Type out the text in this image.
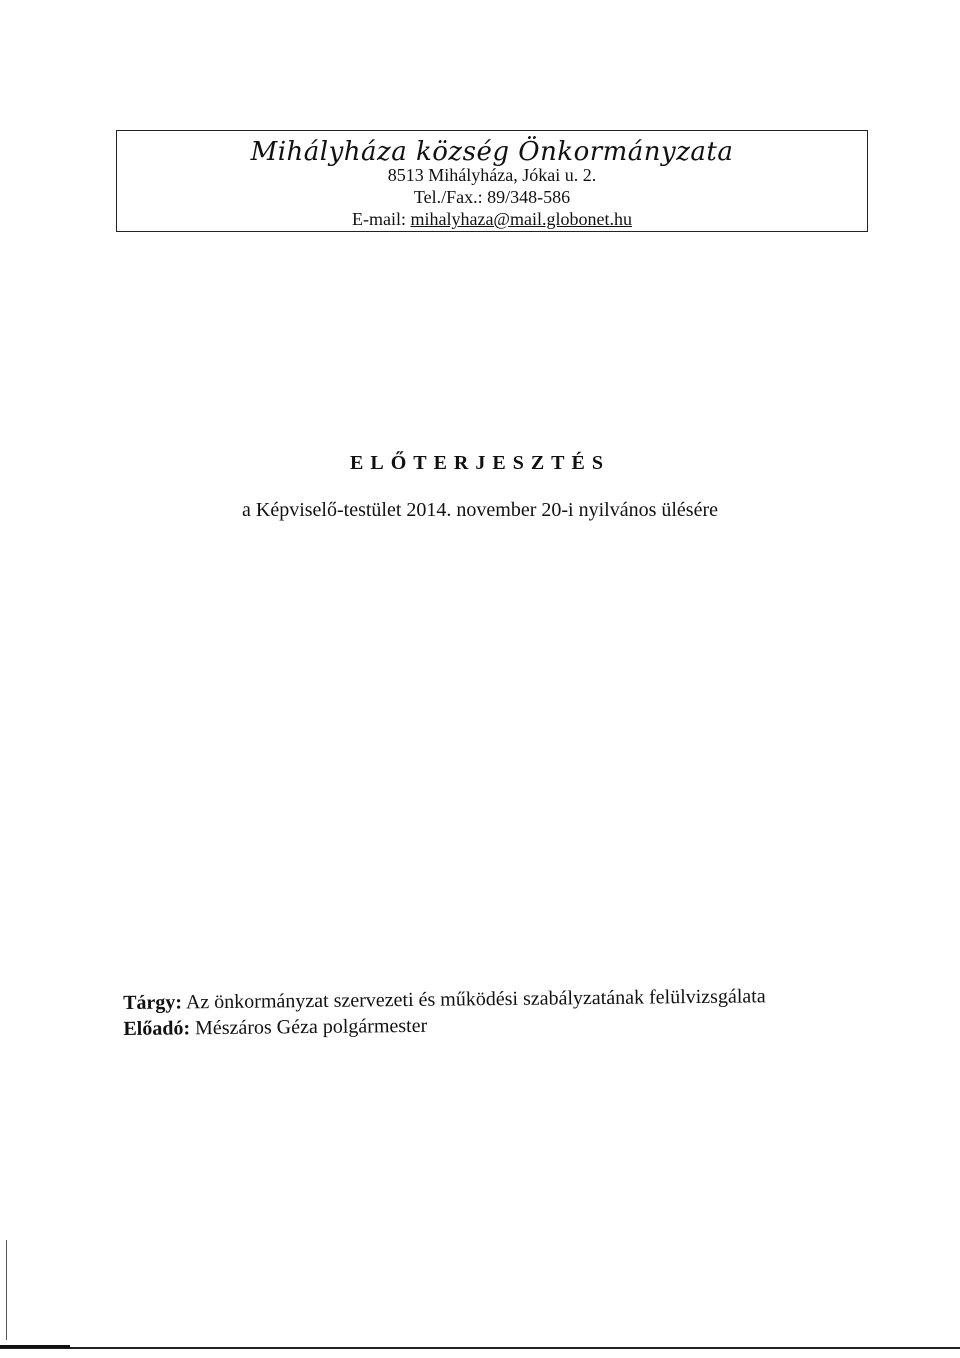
Mihályháza község Önkormányzata
8513 Mihályháza, Jókai u. 2.
Tel./Fax.: 89/348-586
E-mail: mihalyhaza@mail.globonet.hu
ELŐTERJESZTÉS
a Képviselő-testület 2014. november 20-i nyilvános ülésére
Tárgy: Az önkormányzat szervezeti és működési szabályzatának felülvizsgálata
Előadó: Mészáros Géza polgármester
